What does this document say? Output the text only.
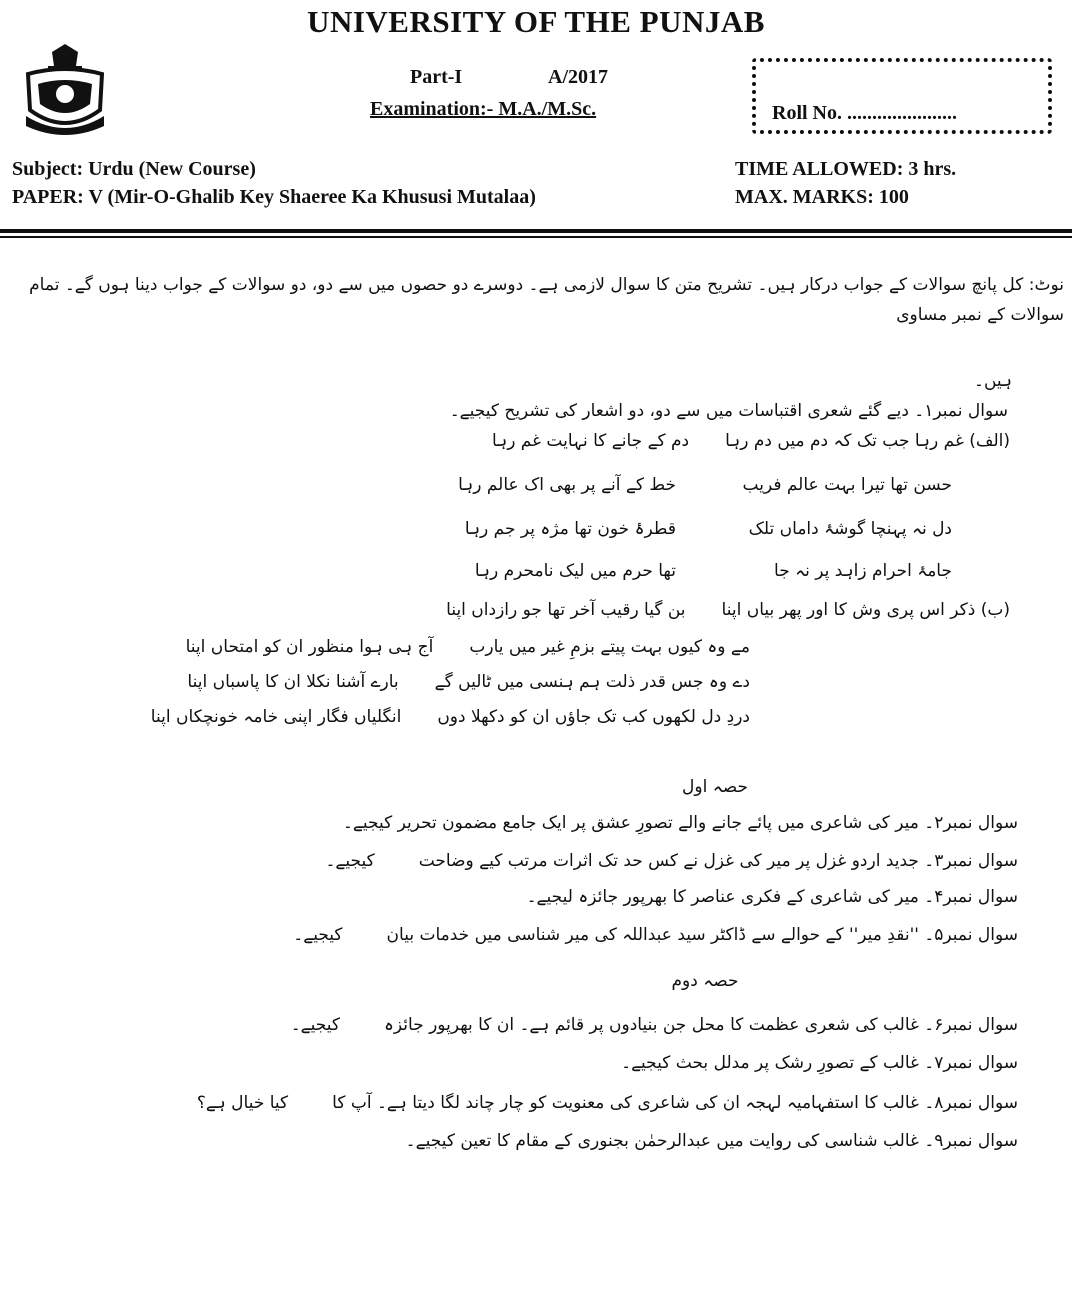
UNIVERSITY OF THE PUNJAB
Part-I	A/2017
Examination:- M.A./M.Sc.	Roll No. ......................
Subject: Urdu (New Course)
PAPER: V (Mir-O-Ghalib Key Shaeree Ka Khususi Mutalaa)
TIME ALLOWED: 3 hrs.
MAX. MARKS: 100
نوٹ: کل پانچ سوالات کے جواب درکار ہیں۔ تشریح متن کا سوال لازمی ہے۔ دوسرے دو حصوں میں سے دو، دو سوالات کے جواب دینا ہوں گے۔ تمام سوالات کے نمبر مساوی
ہیں۔
سوال نمبر۱۔ دیے گئے شعری اقتباسات میں سے دو، دو اشعار کی تشریح کیجیے۔
(الف) غم رہا جب تک کہ دم میں دم رہا
دم کے جانے کا نہایت غم رہا
حسن تھا تیرا بہت عالم فریب
خط کے آنے پر بھی اک عالم رہا
دل نہ پہنچا گوشۂ داماں تلک
قطرۂ خون تھا مژہ پر جم رہا
جامۂ احرام زاہد پر نہ جا
تھا حرم میں لیک نامحرم رہا
(ب) ذکر اس پری وش کا اور پھر بیاں اپنا
بن گیا رقیب آخر تھا جو رازداں اپنا
مے وہ کیوں بہت پیتے بزمِ غیر میں یارب
آج ہی ہوا منظور ان کو امتحاں اپنا
دے وہ جس قدر ذلت ہم ہنسی میں ٹالیں گے
بارے آشنا نکلا ان کا پاسباں اپنا
دردِ دل لکھوں کب تک جاؤں ان کو دکھلا دوں
انگلیاں فگار اپنی خامہ خونچکاں اپنا
حصہ اول
سوال نمبر۲۔ میر کی شاعری میں پائے جانے والے تصورِ عشق پر ایک جامع مضمون تحریر کیجیے۔
سوال نمبر۳۔ جدید اردو غزل پر میر کی غزل نے کس حد تک اثرات مرتب کیے وضاحت
کیجیے۔
سوال نمبر۴۔ میر کی شاعری کے فکری عناصر کا بھرپور جائزہ لیجیے۔
سوال نمبر۵۔ ''نقدِ میر'' کے حوالے سے ڈاکٹر سید عبداللہ کی میر شناسی میں خدمات بیان
کیجیے۔
حصہ دوم
سوال نمبر۶۔ غالب کی شعری عظمت کا محل جن بنیادوں پر قائم ہے۔ ان کا بھرپور جائزہ
کیجیے۔
سوال نمبر۷۔ غالب کے تصورِ رشک پر مدلل بحث کیجیے۔
سوال نمبر۸۔ غالب کا استفہامیہ لہجہ ان کی شاعری کی معنویت کو چار چاند لگا دیتا ہے۔ آپ کا
کیا خیال ہے؟
سوال نمبر۹۔ غالب شناسی کی روایت میں عبدالرحمٰن بجنوری کے مقام کا تعین کیجیے۔
